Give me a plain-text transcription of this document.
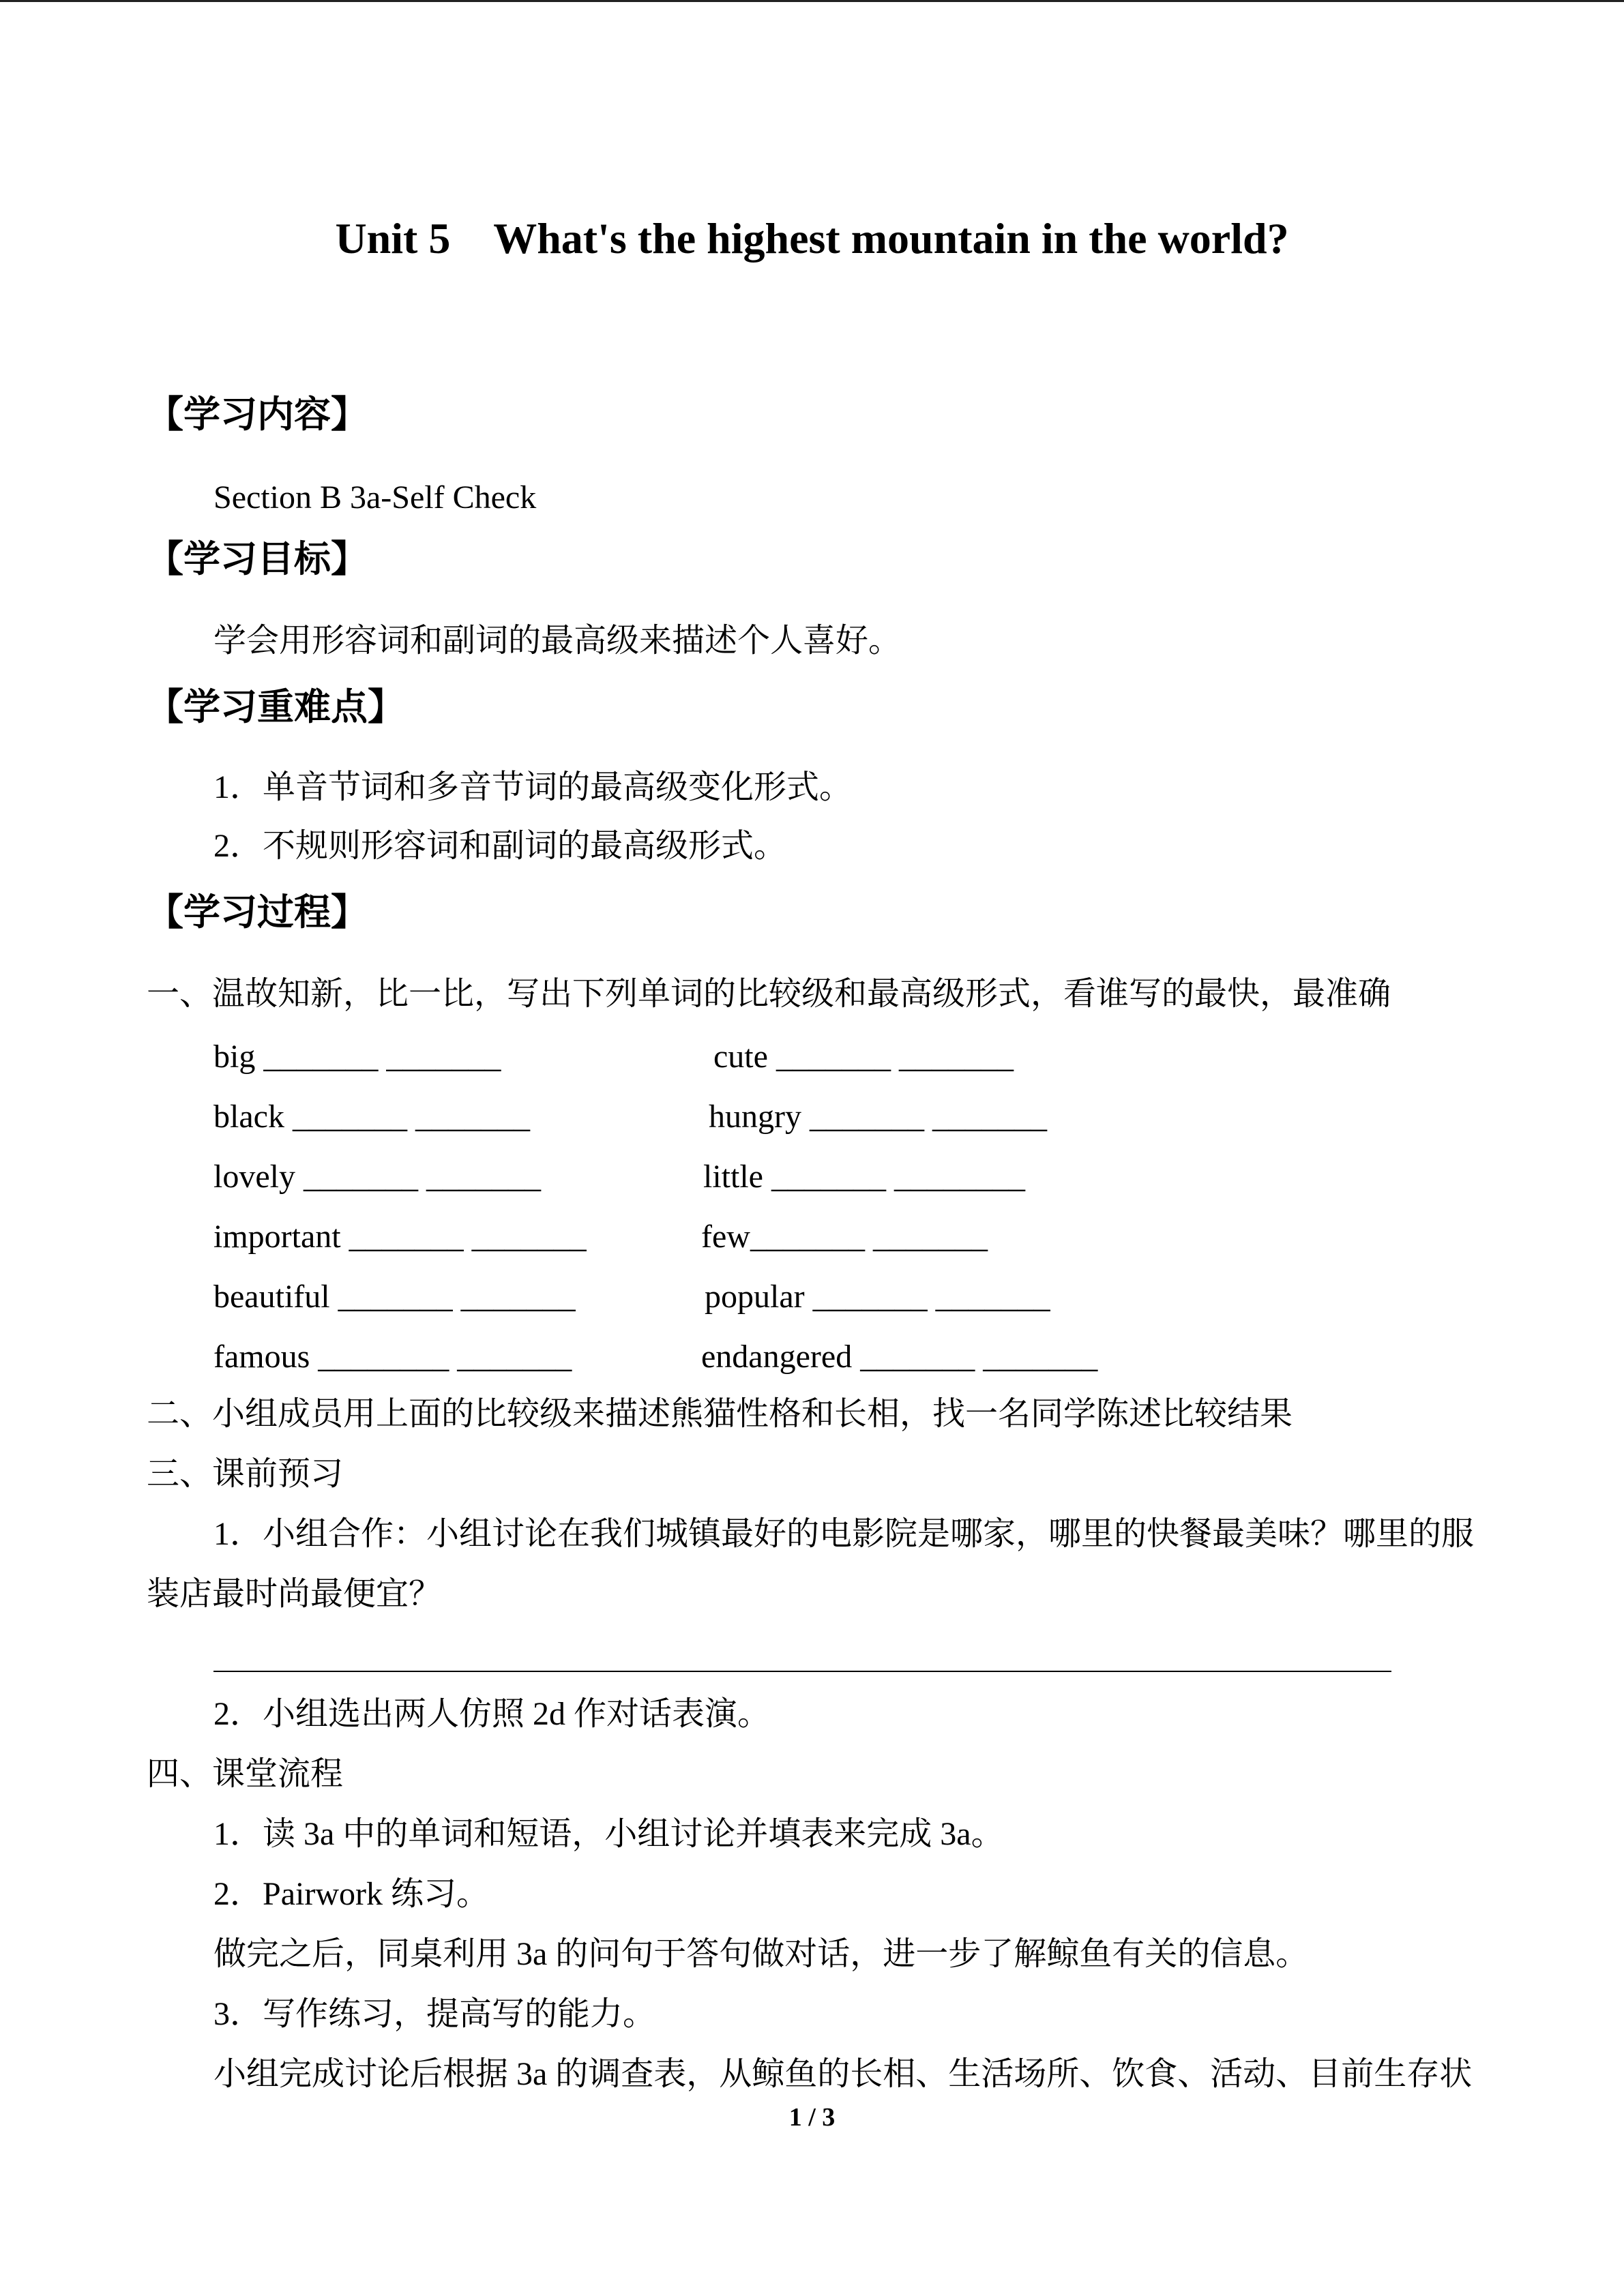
Unit 5    What's the highest mountain in the world?
【学习内容】
Section B 3a-Self Check
【学习目标】
学会用形容词和副词的最高级来描述个人喜好。
【学习重难点】
1．单音节词和多音节词的最高级变化形式。
2．不规则形容词和副词的最高级形式。
【学习过程】
一、温故知新，比一比，写出下列单词的比较级和最高级形式，看谁写的最快，最准确
big _______ _______	cute _______ _______
black _______ _______	hungry _______ _______
lovely _______ _______	little _______ ________
important _______ _______	few_______ _______
beautiful _______ _______	popular _______ _______
famous ________ _______	endangered _______ _______
二、小组成员用上面的比较级来描述熊猫性格和长相，找一名同学陈述比较结果
三、课前预习
1．小组合作：小组讨论在我们城镇最好的电影院是哪家，哪里的快餐最美味？哪里的服
装店最时尚最便宜？
2．小组选出两人仿照 2d 作对话表演。
四、课堂流程
1．读 3a 中的单词和短语，小组讨论并填表来完成 3a。
2．Pairwork 练习。
做完之后，同桌利用 3a 的问句于答句做对话，进一步了解鲸鱼有关的信息。
3．写作练习，提高写的能力。
小组完成讨论后根据 3a 的调查表，从鲸鱼的长相、生活场所、饮食、活动、目前生存状
1 / 3
